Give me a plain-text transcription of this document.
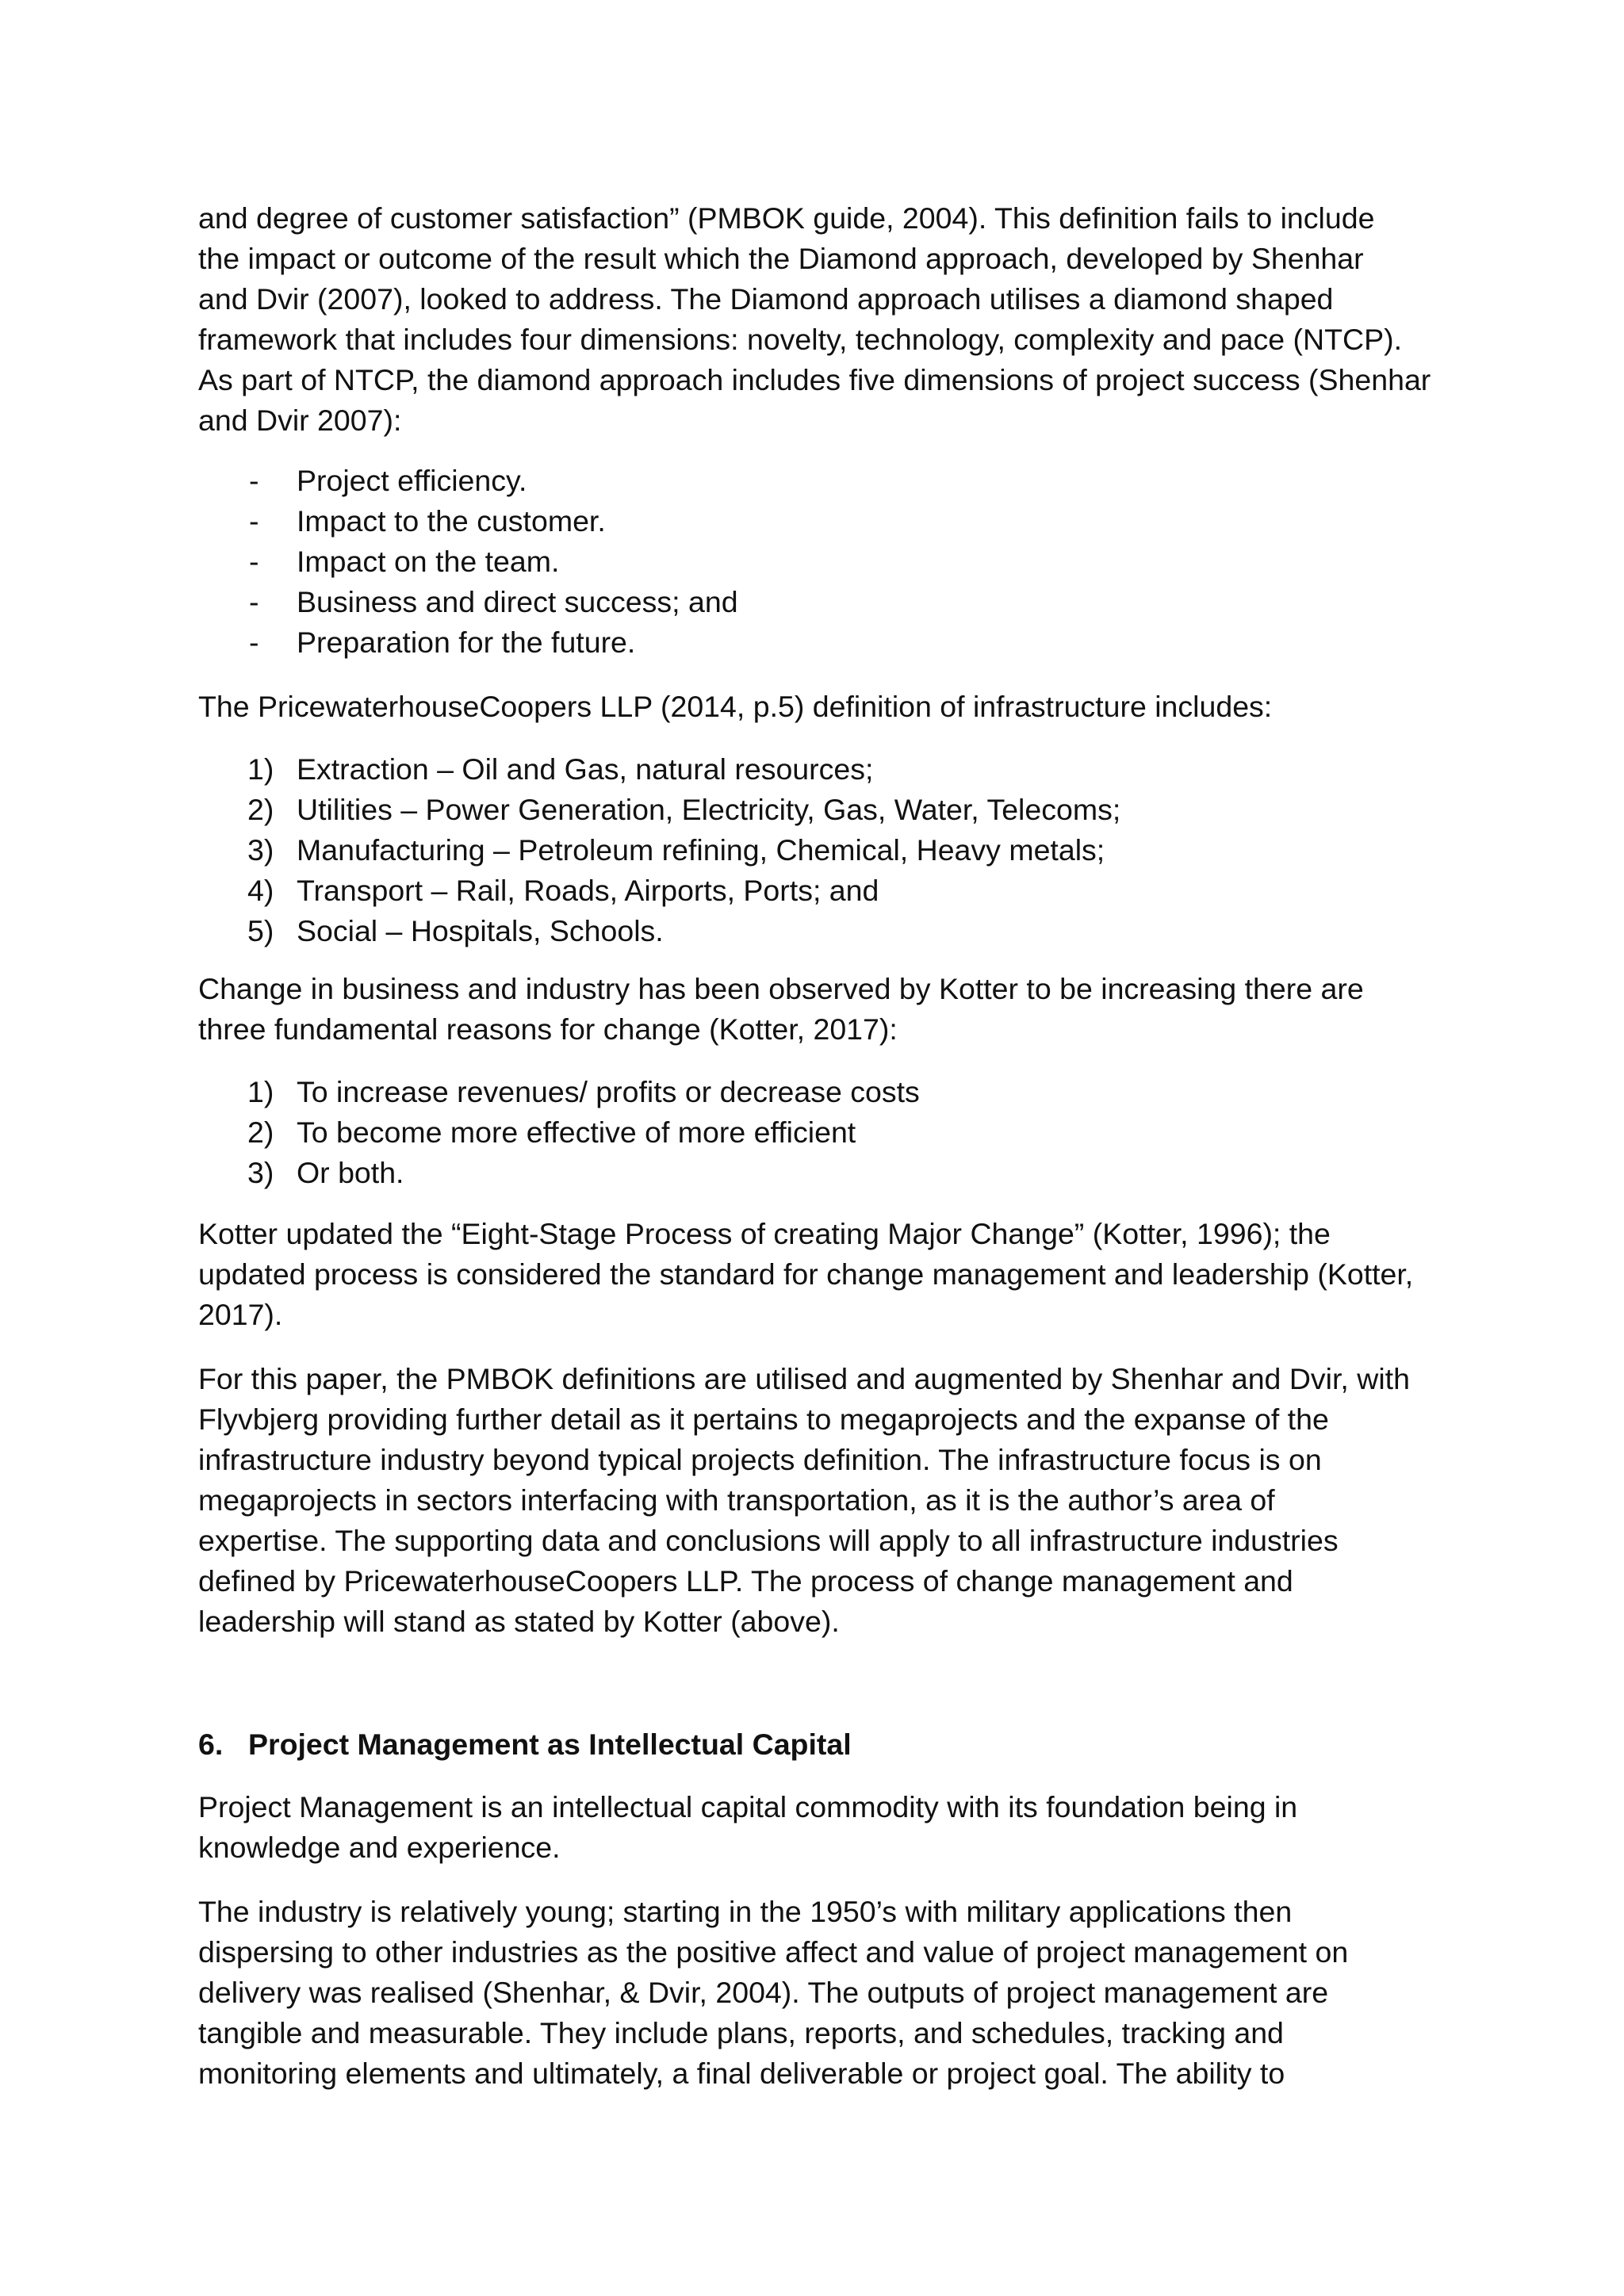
and degree of customer satisfaction” (PMBOK guide, 2004). This definition fails to include
the impact or outcome of the result which the Diamond approach, developed by Shenhar
and Dvir (2007), looked to address. The Diamond approach utilises a diamond shaped
framework that includes four dimensions: novelty, technology, complexity and pace (NTCP).
As part of NTCP, the diamond approach includes five dimensions of project success (Shenhar
and Dvir 2007):

- Project efficiency.
- Impact to the customer.
- Impact on the team.
- Business and direct success; and
- Preparation for the future.

The PricewaterhouseCoopers LLP (2014, p.5) definition of infrastructure includes:

1) Extraction – Oil and Gas, natural resources;
2) Utilities – Power Generation, Electricity, Gas, Water, Telecoms;
3) Manufacturing – Petroleum refining, Chemical, Heavy metals;
4) Transport – Rail, Roads, Airports, Ports; and
5) Social – Hospitals, Schools.

Change in business and industry has been observed by Kotter to be increasing there are
three fundamental reasons for change (Kotter, 2017):

1) To increase revenues/ profits or decrease costs
2) To become more effective of more efficient
3) Or both.

Kotter updated the “Eight-Stage Process of creating Major Change” (Kotter, 1996); the
updated process is considered the standard for change management and leadership (Kotter,
2017).

For this paper, the PMBOK definitions are utilised and augmented by Shenhar and Dvir, with
Flyvbjerg providing further detail as it pertains to megaprojects and the expanse of the
infrastructure industry beyond typical projects definition. The infrastructure focus is on
megaprojects in sectors interfacing with transportation, as it is the author’s area of
expertise. The supporting data and conclusions will apply to all infrastructure industries
defined by PricewaterhouseCoopers LLP. The process of change management and
leadership will stand as stated by Kotter (above).

6. Project Management as Intellectual Capital

Project Management is an intellectual capital commodity with its foundation being in
knowledge and experience.

The industry is relatively young; starting in the 1950’s with military applications then
dispersing to other industries as the positive affect and value of project management on
delivery was realised (Shenhar, & Dvir, 2004). The outputs of project management are
tangible and measurable. They include plans, reports, and schedules, tracking and
monitoring elements and ultimately, a final deliverable or project goal. The ability to
